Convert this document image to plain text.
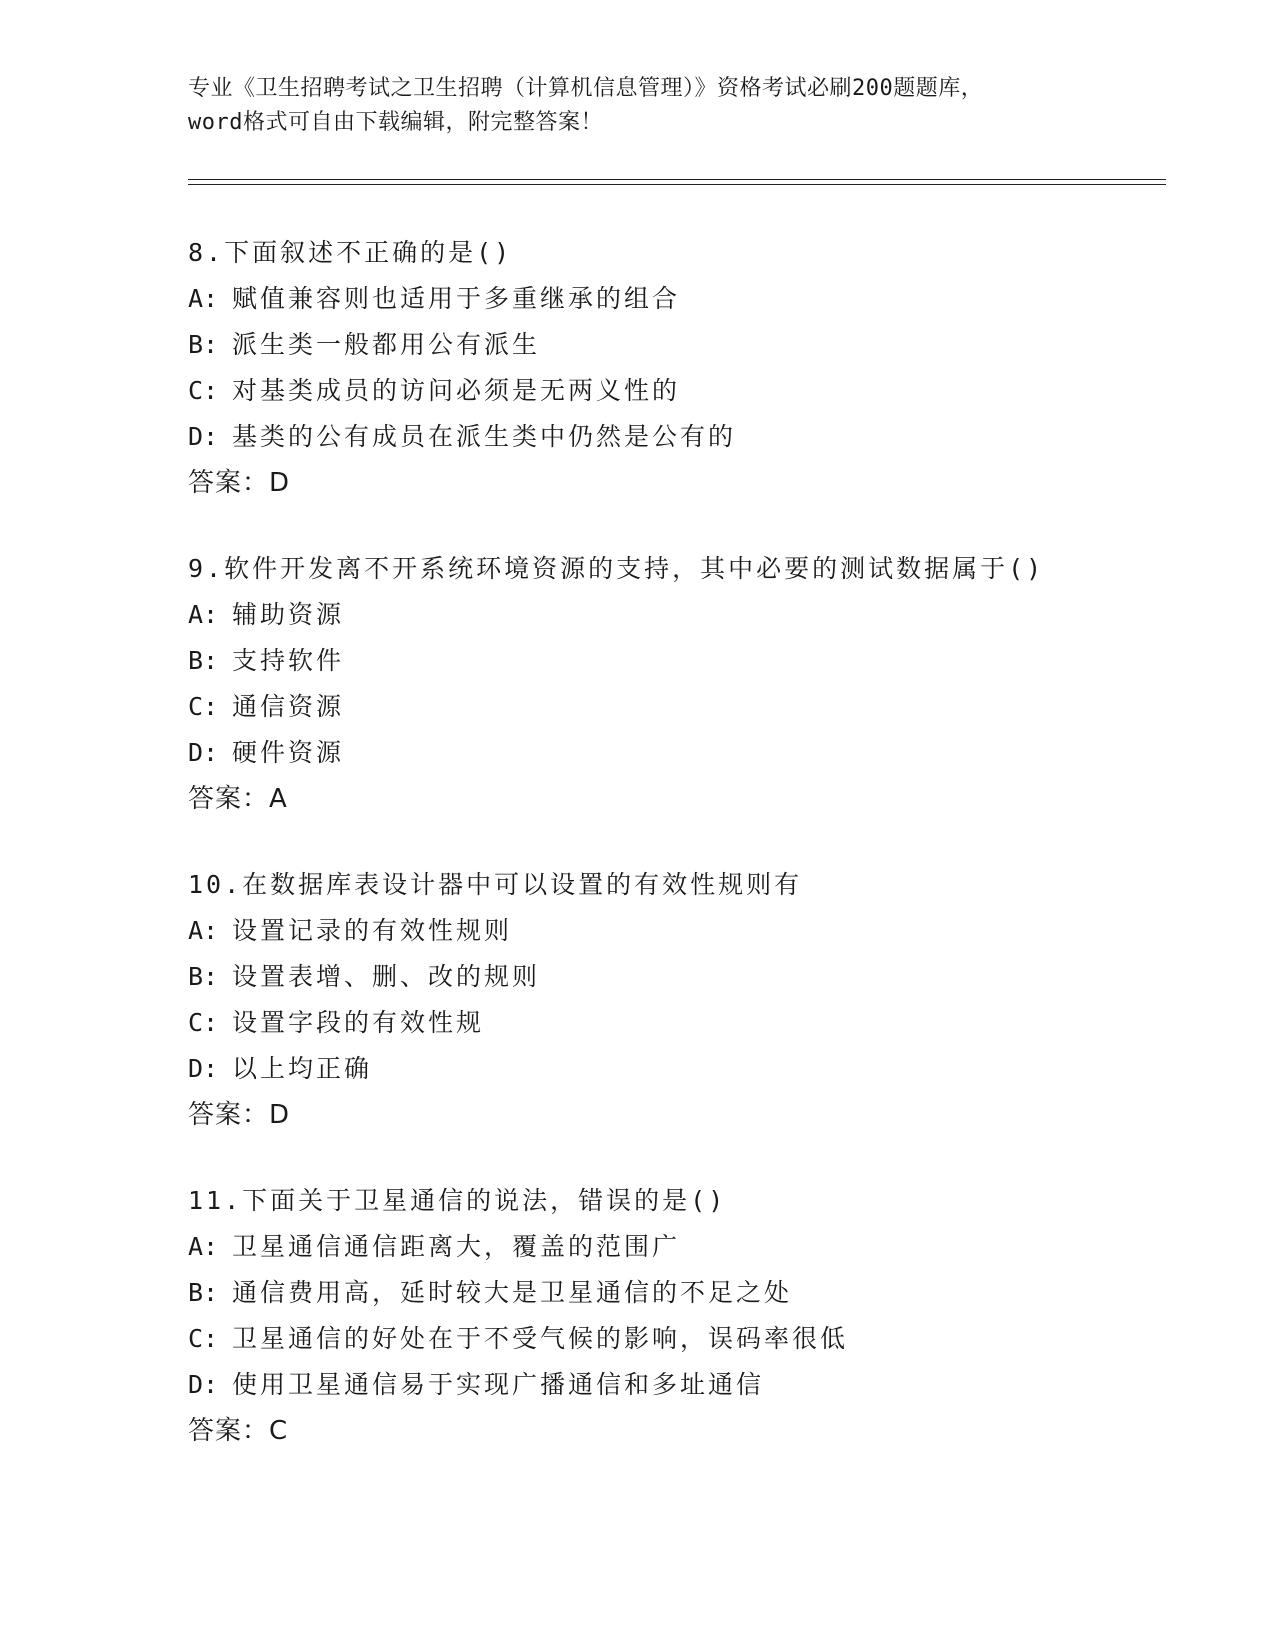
专业《卫生招聘考试之卫生招聘（计算机信息管理）》资格考试必刷200题题库，
word格式可自由下载编辑，附完整答案！
8.下面叙述不正确的是()
A: 赋值兼容则也适用于多重继承的组合
B: 派生类一般都用公有派生
C: 对基类成员的访问必须是无两义性的
D: 基类的公有成员在派生类中仍然是公有的
答案：D
9.软件开发离不开系统环境资源的支持，其中必要的测试数据属于()
A: 辅助资源
B: 支持软件
C: 通信资源
D: 硬件资源
答案：A
10.在数据库表设计器中可以设置的有效性规则有
A: 设置记录的有效性规则
B: 设置表增、删、改的规则
C: 设置字段的有效性规
D: 以上均正确
答案：D
11.下面关于卫星通信的说法，错误的是()
A: 卫星通信通信距离大，覆盖的范围广
B: 通信费用高，延时较大是卫星通信的不足之处
C: 卫星通信的好处在于不受气候的影响，误码率很低
D: 使用卫星通信易于实现广播通信和多址通信
答案：C
